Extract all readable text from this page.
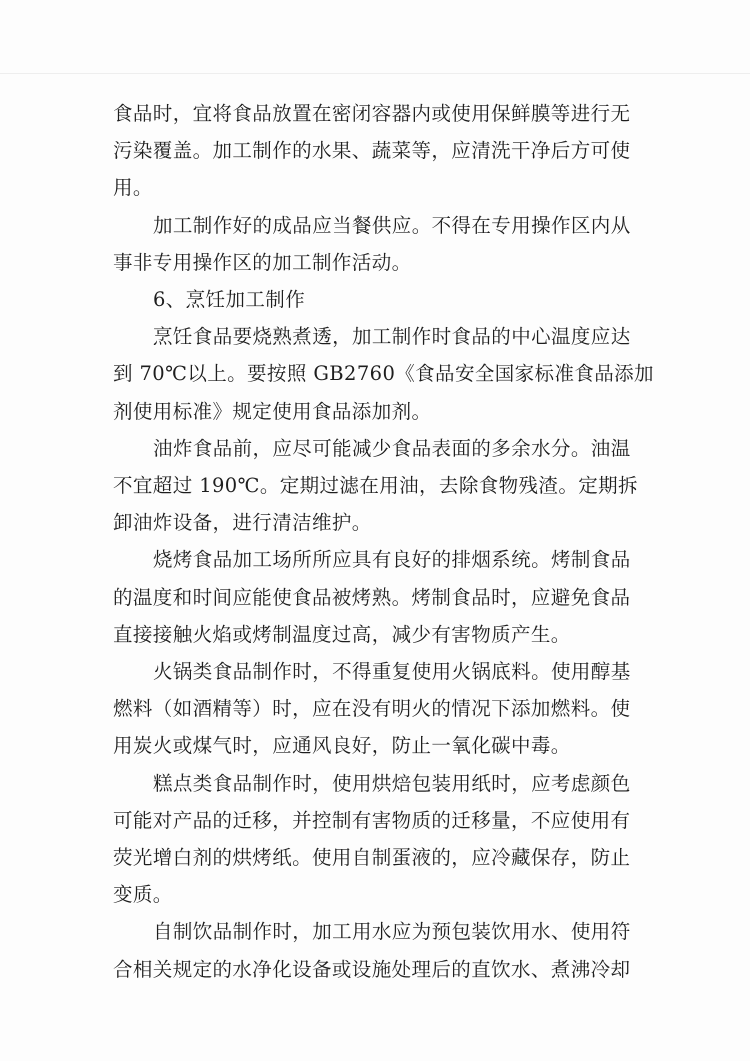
食品时，宜将食品放置在密闭容器内或使用保鲜膜等进行无
污染覆盖。加工制作的水果、蔬菜等，应清洗干净后方可使
用。
加工制作好的成品应当餐供应。不得在专用操作区内从
事非专用操作区的加工制作活动。
6、烹饪加工制作
烹饪食品要烧熟煮透，加工制作时食品的中心温度应达
到 70℃以上。要按照 GB2760《食品安全国家标准食品添加
剂使用标准》规定使用食品添加剂。
油炸食品前，应尽可能减少食品表面的多余水分。油温
不宜超过 190℃。定期过滤在用油，去除食物残渣。定期拆
卸油炸设备，进行清洁维护。
烧烤食品加工场所所应具有良好的排烟系统。烤制食品
的温度和时间应能使食品被烤熟。烤制食品时，应避免食品
直接接触火焰或烤制温度过高，减少有害物质产生。
火锅类食品制作时，不得重复使用火锅底料。使用醇基
燃料（如酒精等）时，应在没有明火的情况下添加燃料。使
用炭火或煤气时，应通风良好，防止一氧化碳中毒。
糕点类食品制作时，使用烘焙包装用纸时，应考虑颜色
可能对产品的迁移，并控制有害物质的迁移量，不应使用有
荧光增白剂的烘烤纸。使用自制蛋液的，应冷藏保存，防止
变质。
自制饮品制作时，加工用水应为预包装饮用水、使用符
合相关规定的水净化设备或设施处理后的直饮水、煮沸冷却
